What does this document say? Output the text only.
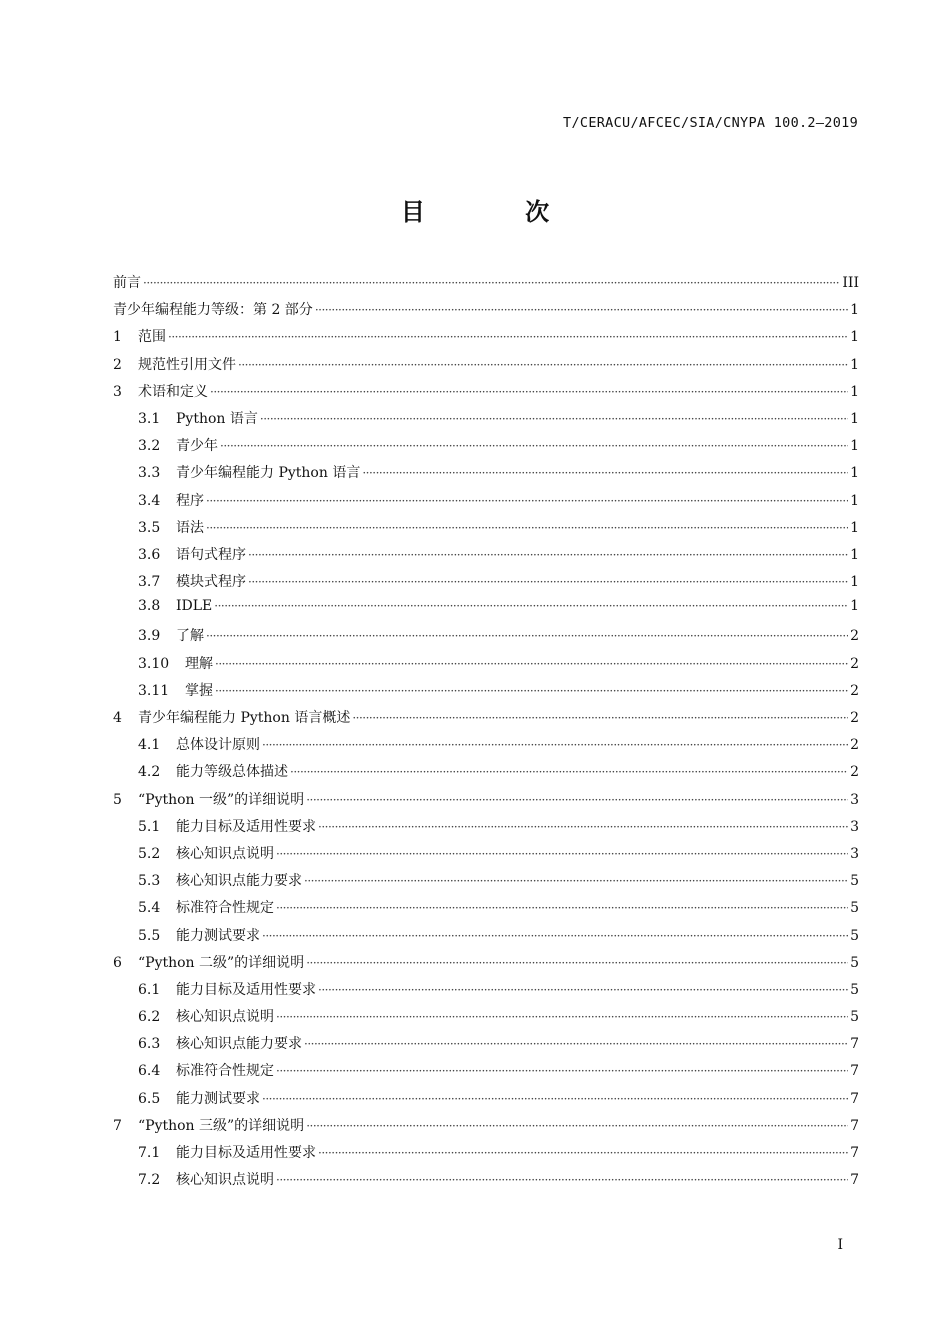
T/CERACU/AFCEC/SIA/CNYPA 100.2—2019
目 次
前言 ·····	III
青少年编程能力等级：第 2 部分 ·····	1
1	范围 ·····	1
2	规范性引用文件 ·····	1
3	术语和定义 ·····	1
3.1	Python 语言 ·····	1
3.2	青少年 ·····	1
3.3	青少年编程能力 Python 语言 ·····	1
3.4	程序 ·····	1
3.5	语法 ·····	1
3.6	语句式程序 ·····	1
3.7	模块式程序 ·····	1
3.8	IDLE ·····	1
3.9	了解 ·····	2
3.10	理解 ·····	2
3.11	掌握 ·····	2
4	青少年编程能力 Python 语言概述 ·····	2
4.1	总体设计原则 ·····	2
4.2	能力等级总体描述 ·····	2
5	“Python 一级”的详细说明 ·····	3
5.1	能力目标及适用性要求 ·····	3
5.2	核心知识点说明 ·····	3
5.3	核心知识点能力要求 ·····	5
5.4	标准符合性规定 ·····	5
5.5	能力测试要求 ·····	5
6	“Python 二级”的详细说明 ·····	5
6.1	能力目标及适用性要求 ·····	5
6.2	核心知识点说明 ·····	5
6.3	核心知识点能力要求 ·····	7
6.4	标准符合性规定 ·····	7
6.5	能力测试要求 ·····	7
7	“Python 三级”的详细说明 ·····	7
7.1	能力目标及适用性要求 ·····	7
7.2	核心知识点说明 ·····	7
I
